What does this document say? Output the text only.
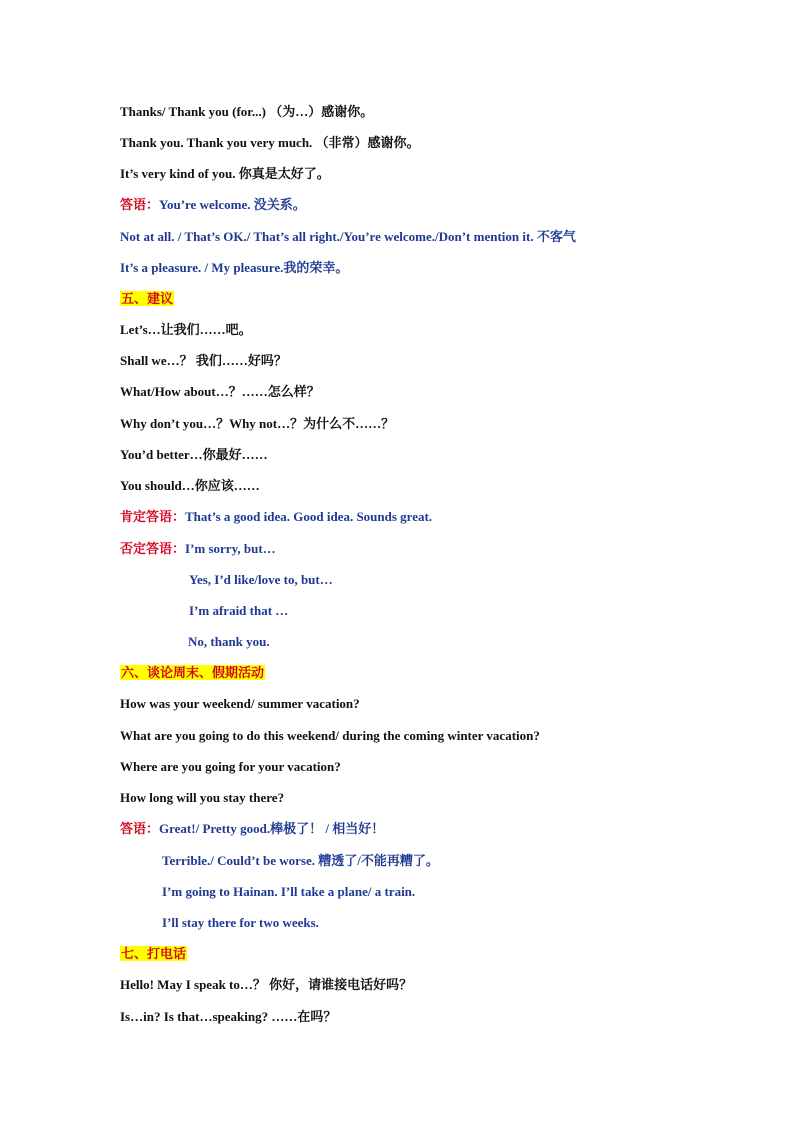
Thanks/ Thank you (for...) （为…）感谢你。
Thank you. Thank you very much. （非常）感谢你。
It’s very kind of you. 你真是太好了。
答语：You’re welcome. 没关系。
Not at all. / That’s OK./ That’s all right./You’re welcome./Don’t mention it. 不客气
It’s a pleasure. / My pleasure.我的荣幸。
五、建议
Let’s…让我们……吧。
Shall we…？ 我们……好吗？
What/How about…？……怎么样？
Why don’t you…？Why not…？为什么不……？
You’d better…你最好……
You should…你应该……
肯定答语：That’s a good idea. Good idea. Sounds great.
否定答语：I’m sorry, but…
Yes, I’d like/love to, but…
I’m afraid that …
No, thank you.
六、谈论周末、假期活动
How was your weekend/ summer vacation?
What are you going to do this weekend/ during the coming winter vacation?
Where are you going for your vacation?
How long will you stay there?
答语：Great!/ Pretty good.棒极了！ / 相当好！
Terrible./ Could’t be worse. 糟透了/不能再糟了。
I’m going to Hainan. I’ll take a plane/ a train.
I’ll stay there for two weeks.
七、打电话
Hello! May I speak to…？ 你好，请谁接电话好吗？
Is…in? Is that…speaking? ……在吗？
